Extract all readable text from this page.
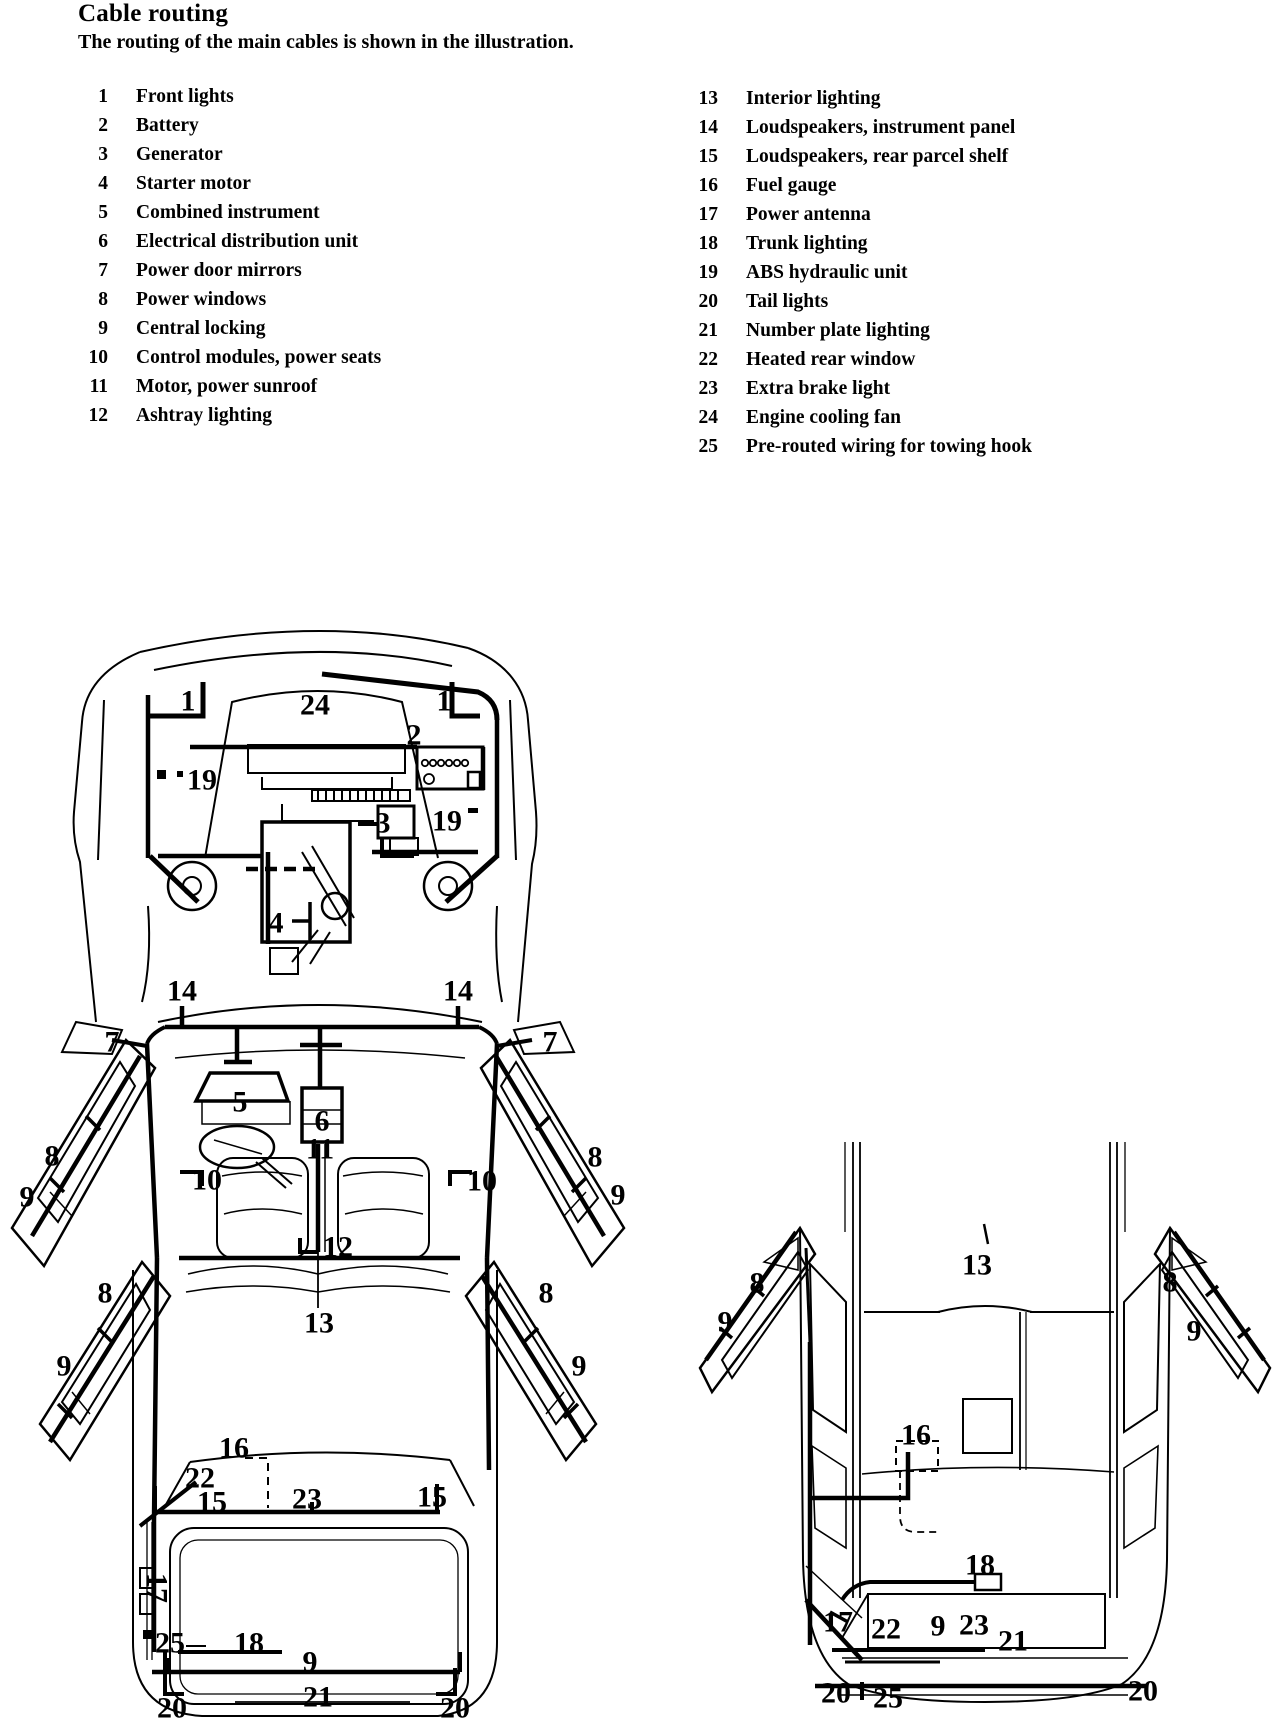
Cable routing
The routing of the main cables is shown in the illustration.
1 Front lights
2 Battery
3 Generator
4 Starter motor
5 Combined instrument
6 Electrical distribution unit
7 Power door mirrors
8 Power windows
9 Central locking
10 Control modules, power seats
11 Motor, power sunroof
12 Ashtray lighting
13 Interior lighting
14 Loudspeakers, instrument panel
15 Loudspeakers, rear parcel shelf
16 Fuel gauge
17 Power antenna
18 Trunk lighting
19 ABS hydraulic unit
20 Tail lights
21 Number plate lighting
22 Heated rear window
23 Extra brake light
24 Engine cooling fan
25 Pre-routed wiring for towing hook
1	24	1
2
19
3 19
4
14	14
7	7
5
6
8
9
8
9
11
10	10
12
13
8
9
8
9
16
22
15 23	15
17
25 18
9
21
20	20
13
8
9
8
9
16
18
17 22 9 23 21
20 25	20
